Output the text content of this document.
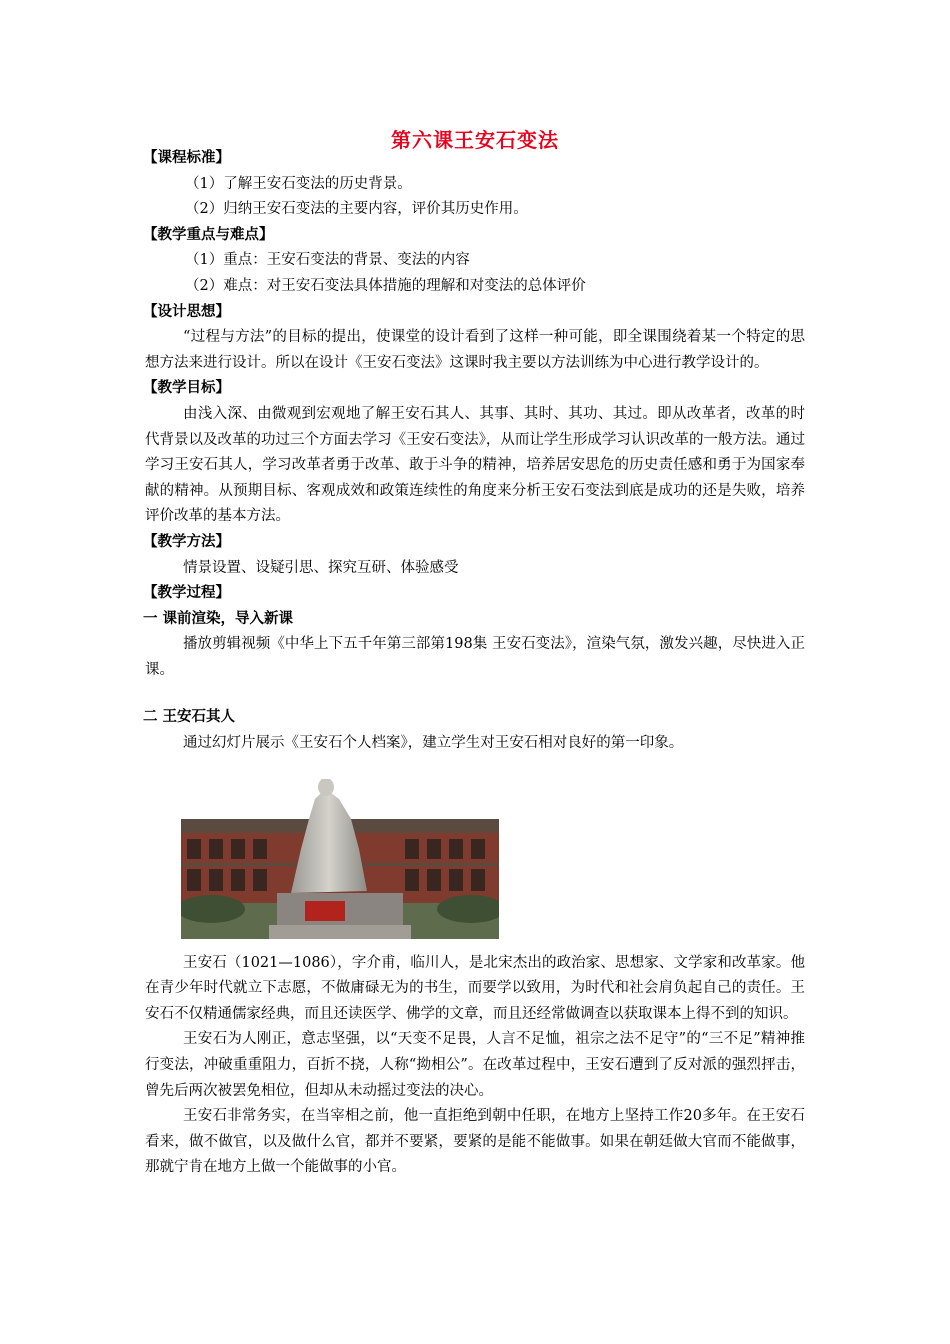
第六课王安石变法
【课程标准】
（1）了解王安石变法的历史背景。
（2）归纳王安石变法的主要内容，评价其历史作用。
【教学重点与难点】
（1）重点：王安石变法的背景、变法的内容
（2）难点：对王安石变法具体措施的理解和对变法的总体评价
【设计思想】
“过程与方法”的目标的提出，使课堂的设计看到了这样一种可能，即全课围绕着某一个特定的思想方法来进行设计。所以在设计《王安石变法》这课时我主要以方法训练为中心进行教学设计的。
【教学目标】
由浅入深、由微观到宏观地了解王安石其人、其事、其时、其功、其过。即从改革者，改革的时代背景以及改革的功过三个方面去学习《王安石变法》，从而让学生形成学习认识改革的一般方法。通过学习王安石其人，学习改革者勇于改革、敢于斗争的精神，培养居安思危的历史责任感和勇于为国家奉献的精神。从预期目标、客观成效和政策连续性的角度来分析王安石变法到底是成功的还是失败，培养评价改革的基本方法。
【教学方法】
情景设置、设疑引思、探究互研、体验感受
【教学过程】
一 课前渲染，导入新课
播放剪辑视频《中华上下五千年第三部第198集 王安石变法》，渲染气氛，激发兴趣，尽快进入正课。
二 王安石其人
通过幻灯片展示《王安石个人档案》，建立学生对王安石相对良好的第一印象。
王安石（1021—1086），字介甫，临川人，是北宋杰出的政治家、思想家、文学家和改革家。他在青少年时代就立下志愿，不做庸碌无为的书生，而要学以致用，为时代和社会肩负起自己的责任。王安石不仅精通儒家经典，而且还读医学、佛学的文章，而且还经常做调查以获取课本上得不到的知识。
王安石为人刚正，意志坚强，以“天变不足畏，人言不足恤，祖宗之法不足守”的“三不足”精神推行变法，冲破重重阻力，百折不挠，人称“拗相公”。在改革过程中，王安石遭到了反对派的强烈抨击，曾先后两次被罢免相位，但却从未动摇过变法的决心。
王安石非常务实，在当宰相之前，他一直拒绝到朝中任职，在地方上坚持工作20多年。在王安石看来，做不做官，以及做什么官，都并不要紧，要紧的是能不能做事。如果在朝廷做大官而不能做事，那就宁肯在地方上做一个能做事的小官。
